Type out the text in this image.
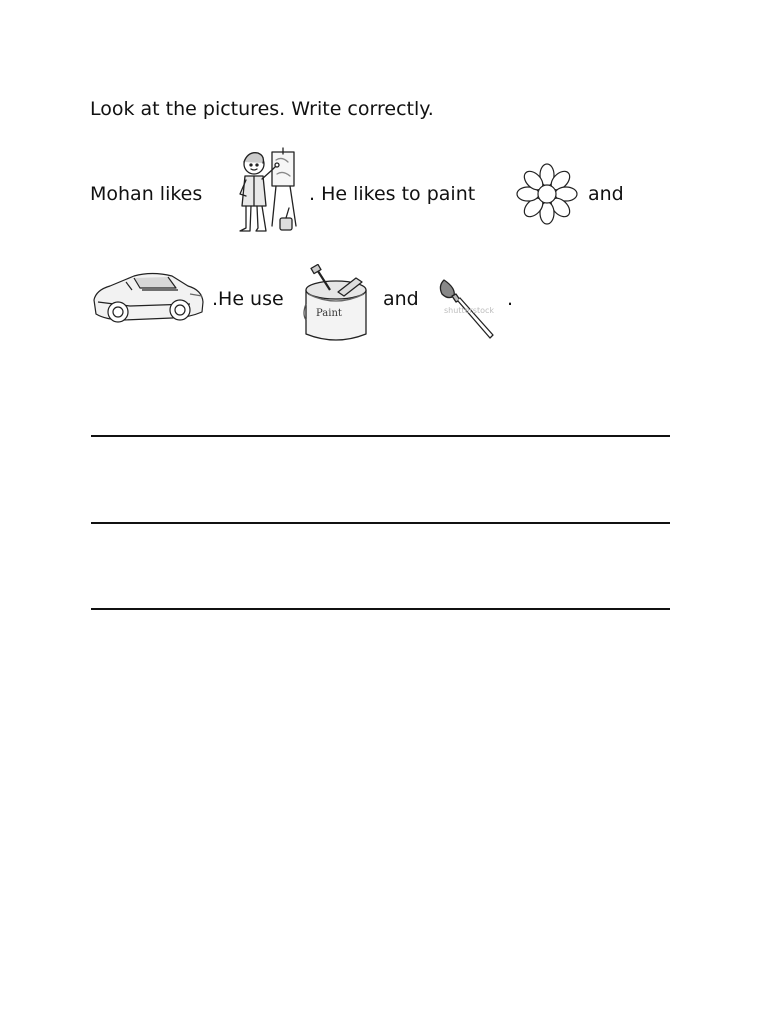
Look at the pictures. Write correctly.
Mohan likes	. He likes to paint	and
.He use
Paint
and
shutterstock
.
